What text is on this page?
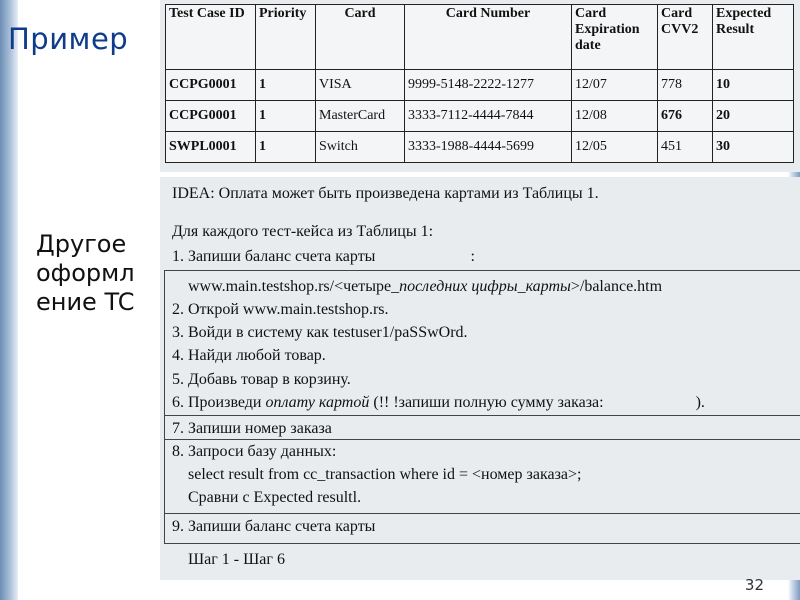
Пример
Test Case ID	Priority	Card	Card Number	Card Expiration date	Card CVV2	Expected Result
CCPG0001	1	VISA	9999-5148-2222-1277	12/07	778	10
CCPG0001	1	MasterCard	3333-7112-4444-7844	12/08	676	20
SWPL0001	1	Switch	3333-1988-4444-5699	12/05	451	30
Другое оформление TC
IDEA: Оплата может быть произведена картами из Таблицы 1.
Для каждого тест-кейса из Таблицы 1:
1. Запиши баланс счета карты	:
www.main.testshop.rs/<четыре_последних цифры_карты>/balance.htm
2. Открой www.main.testshop.rs.
3. Войди в систему как testuser1/paSSwOrd.
4. Найди любой товар.
5. Добавь товар в корзину.
6. Произведи оплату картой (!! !запиши полную сумму заказа:	).
7. Запиши номер заказа
8. Запроси базу данных:
select result from cc_transaction where id = <номер заказа>;
Сравни с Expected resultl.
9. Запиши баланс счета карты
Шаг 1 - Шаг 6
32
